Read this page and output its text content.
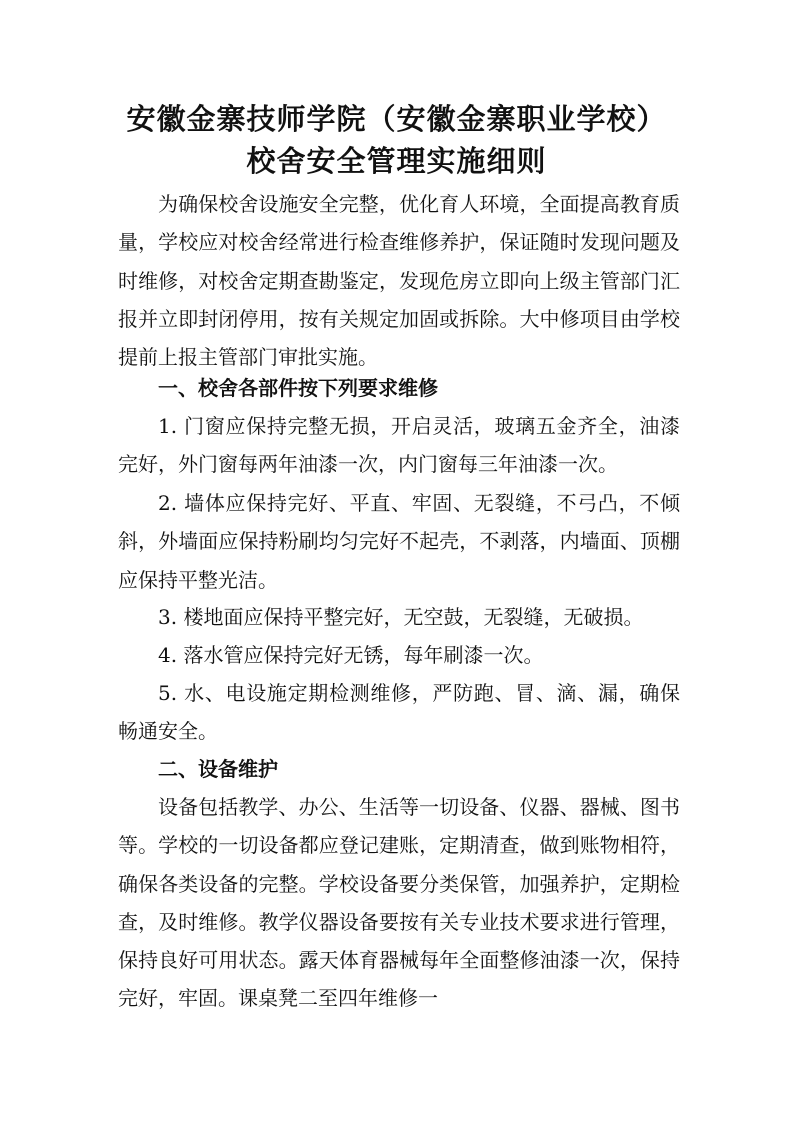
安徽金寨技师学院（安徽金寨职业学校）
校舍安全管理实施细则

为确保校舍设施安全完整，优化育人环境，全面提高教育质量，学校应对校舍经常进行检查维修养护，保证随时发现问题及时维修，对校舍定期查勘鉴定，发现危房立即向上级主管部门汇报并立即封闭停用，按有关规定加固或拆除。大中修项目由学校提前上报主管部门审批实施。

一、校舍各部件按下列要求维修

1. 门窗应保持完整无损，开启灵活，玻璃五金齐全，油漆完好，外门窗每两年油漆一次，内门窗每三年油漆一次。

2. 墙体应保持完好、平直、牢固、无裂缝，不弓凸，不倾斜，外墙面应保持粉刷均匀完好不起壳，不剥落，内墙面、顶棚应保持平整光洁。

3. 楼地面应保持平整完好，无空鼓，无裂缝，无破损。

4. 落水管应保持完好无锈，每年刷漆一次。

5. 水、电设施定期检测维修，严防跑、冒、滴、漏，确保畅通安全。

二、设备维护

设备包括教学、办公、生活等一切设备、仪器、器械、图书等。学校的一切设备都应登记建账，定期清查，做到账物相符，确保各类设备的完整。学校设备要分类保管，加强养护，定期检查，及时维修。教学仪器设备要按有关专业技术要求进行管理，保持良好可用状态。露天体育器械每年全面整修油漆一次，保持完好，牢固。课桌凳二至四年维修一
